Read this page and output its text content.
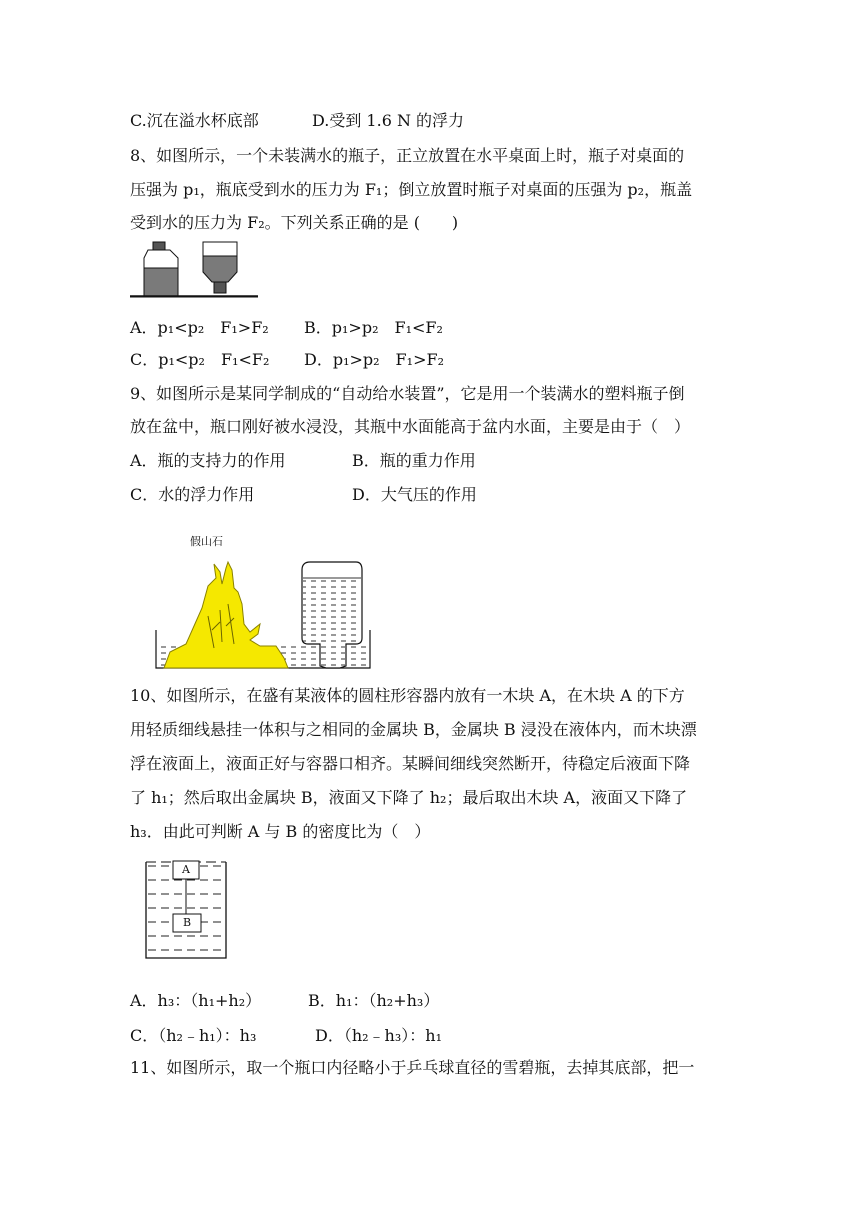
C.沉在溢水杯底部	D.受到 1.6 N 的浮力
8、如图所示，一个未装满水的瓶子，正立放置在水平桌面上时，瓶子对桌面的
压强为 p₁，瓶底受到水的压力为 F₁；倒立放置时瓶子对桌面的压强为 p₂，瓶盖
受到水的压力为 F₂。下列关系正确的是 (　　)
A．p₁<p₂　F₁>F₂ B．p₁>p₂　F₁<F₂
C．p₁<p₂　F₁<F₂ D．p₁>p₂　F₁>F₂
9、如图所示是某同学制成的“自动给水装置”，它是用一个装满水的塑料瓶子倒
放在盆中，瓶口刚好被水浸没，其瓶中水面能高于盆内水面，主要是由于（　）
A．瓶的支持力的作用	B．瓶的重力作用
C．水的浮力作用	D．大气压的作用
假山石
10、如图所示，在盛有某液体的圆柱形容器内放有一木块 A，在木块 A 的下方
用轻质细线悬挂一体积与之相同的金属块 B，金属块 B 浸没在液体内，而木块漂
浮在液面上，液面正好与容器口相齐。某瞬间细线突然断开，待稳定后液面下降
了 h₁；然后取出金属块 B，液面又下降了 h₂；最后取出木块 A，液面又下降了
h₃．由此可判断 A 与 B 的密度比为（　）
A
B
A．h₃：（h₁+h₂）	B．h₁：（h₂+h₃）
C．（h₂﹣h₁）：h₃	D．（h₂﹣h₃）：h₁
11、如图所示，取一个瓶口内径略小于乒乓球直径的雪碧瓶，去掉其底部，把一
